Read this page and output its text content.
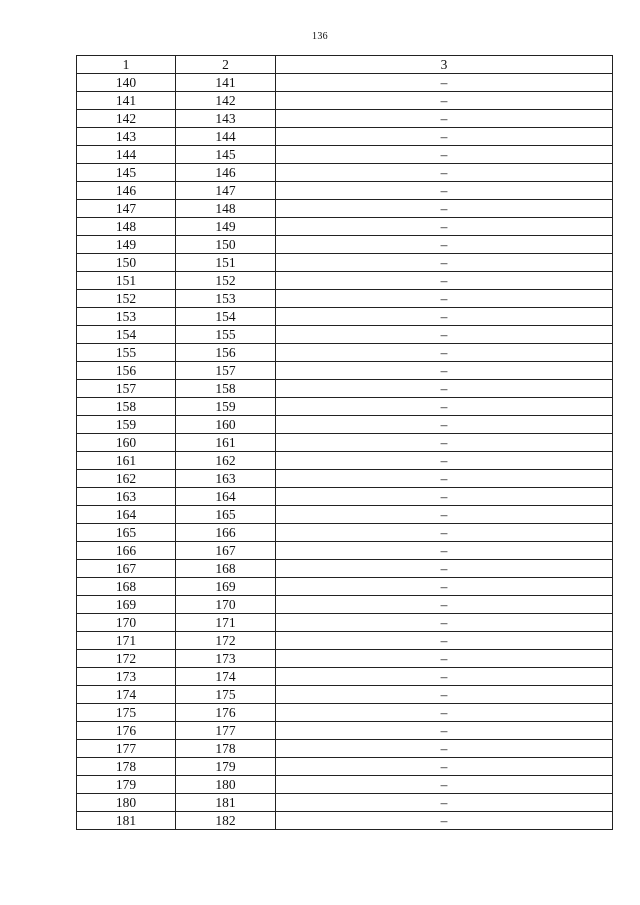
136
1	2	3
140	141	–
141	142	–
142	143	–
143	144	–
144	145	–
145	146	–
146	147	–
147	148	–
148	149	–
149	150	–
150	151	–
151	152	–
152	153	–
153	154	–
154	155	–
155	156	–
156	157	–
157	158	–
158	159	–
159	160	–
160	161	–
161	162	–
162	163	–
163	164	–
164	165	–
165	166	–
166	167	–
167	168	–
168	169	–
169	170	–
170	171	–
171	172	–
172	173	–
173	174	–
174	175	–
175	176	–
176	177	–
177	178	–
178	179	–
179	180	–
180	181	–
181	182	–
